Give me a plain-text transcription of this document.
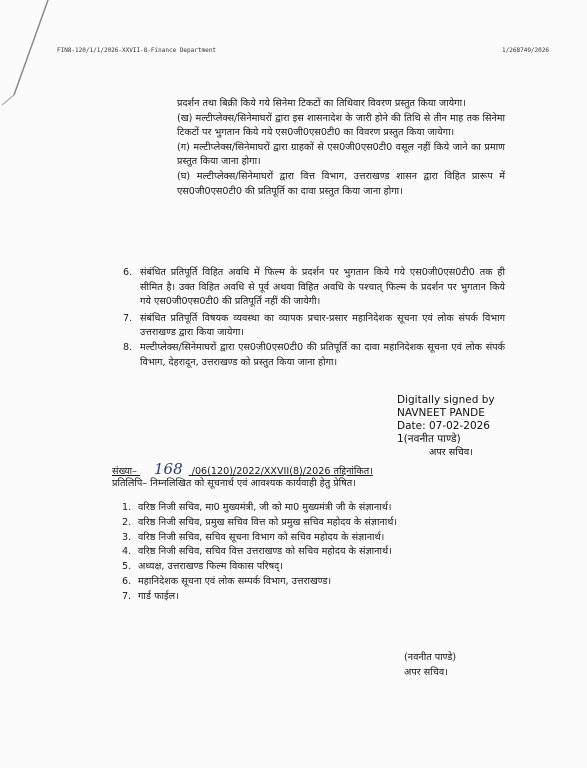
FIN8-120/1/1/2026-XXVII-8-Finance Department	1/268749/2026

प्रदर्शन तथा बिक्री किये गये सिनेमा टिकटों का तिथिवार विवरण प्रस्तुत किया जायेगा।

(ख) मल्टीप्लेक्स/सिनेमाघरों द्वारा इस शासनादेश के जारी होने की तिथि से तीन माह तक सिनेमा टिकटों पर भुगतान किये गये एस0जी0एस0टी0 का विवरण प्रस्तुत किया जायेगा।

(ग) मल्टीप्लेक्स/सिनेमाघरों द्वारा ग्राहकों से एस0जी0एस0टी0 वसूल नहीं किये जाने का प्रमाण प्रस्तुत किया जाना होगा।

(घ) मल्टीप्लेक्स/सिनेमाघरों द्वारा वित्त विभाग, उत्तराखण्ड शासन द्वारा विहित प्रारूप में एस0जी0एस0टी0 की प्रतिपूर्ति का दावा प्रस्तुत किया जाना होगा।

6. संबंधित प्रतिपूर्ति विहित अवधि में फिल्म के प्रदर्शन पर भुगतान किये गये एस0जी0एस0टी0 तक ही सीमित है। उक्त विहित अवधि से पूर्व अथवा विहित अवधि के पश्चात् फिल्म के प्रदर्शन पर भुगतान किये गये एस0जी0एस0टी0 की प्रतिपूर्ति नहीं की जायेगी।
7. संबंधित प्रतिपूर्ति विषयक व्यवस्था का व्यापक प्रचार-प्रसार महानिदेशक सूचना एवं लोक संपर्क विभाग उत्तराखण्ड द्वारा किया जायेगा।
8. मल्टीप्लेक्स/सिनेमाघरों द्वारा एस0जी0एस0टी0 की प्रतिपूर्ति का दावा महानिदेशक सूचना एवं लोक संपर्क विभाग, देहरादून, उत्तराखण्ड को प्रस्तुत किया जाना होगा।
Digitally signed by
NAVNEET PANDE
Date: 07-02-2026
1(नवनीत पाण्डे)
अपर सचिव।
संख्या– 168 /06(120)/2022/XXVII(8)/2026 तद्दिनांकित।
प्रतिलिपि– निम्नलिखित को सूचनार्थ एवं आवश्यक कार्यवाही हेतु प्रेषित।
1. वरिष्ठ निजी सचिव, मा0 मुख्यमंत्री, जी को मा0 मुख्यमंत्री जी के संज्ञानार्थ।
2. वरिष्ठ निजी सचिव, प्रमुख सचिव वित्त को प्रमुख सचिव महोदय के संज्ञानार्थ।
3. वरिष्ठ निजी सचिव, सचिव सूचना विभाग को सचिव महोदय के संज्ञानार्थ।
4. वरिष्ठ निजी सचिव, सचिव वित्त उत्तराखण्ड को सचिव महोदय के संज्ञानार्थ।
5. अध्यक्ष, उत्तराखण्ड फिल्म विकास परिषद्।
6. महानिदेशक सूचना एवं लोक सम्पर्क विभाग, उत्तराखण्ड।
7. गार्ड फाईल।
(नवनीत पाण्डे)
अपर सचिव।
